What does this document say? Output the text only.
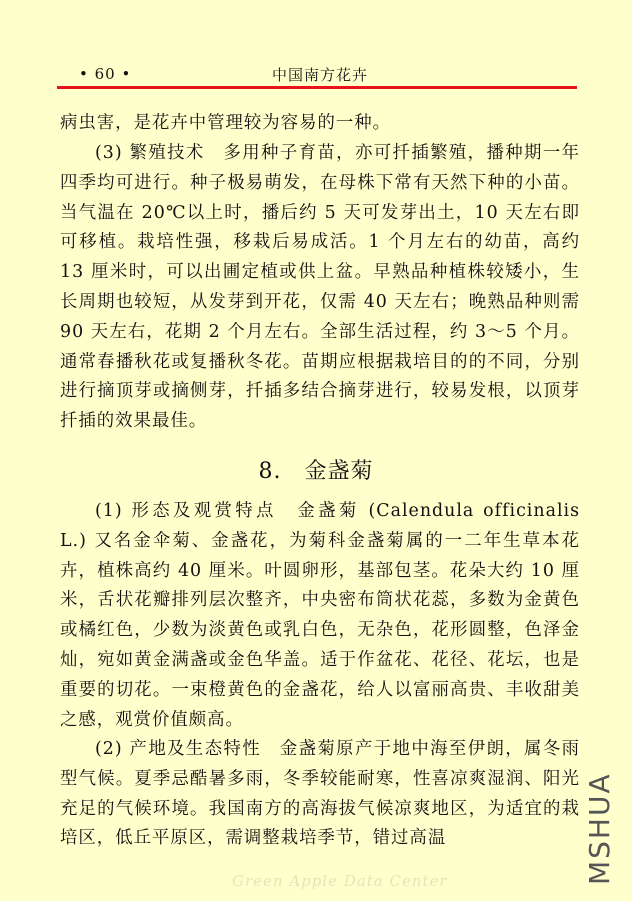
• 60 •	中国南方花卉

病虫害，是花卉中管理较为容易的一种。

(3) 繁殖技术　多用种子育苗，亦可扦插繁殖，播种期一年四季均可进行。种子极易萌发，在母株下常有天然下种的小苗。当气温在 20℃以上时，播后约 5 天可发芽出土，10 天左右即可移植。栽培性强，移栽后易成活。1 个月左右的幼苗，高约 13 厘米时，可以出圃定植或供上盆。早熟品种植株较矮小，生长周期也较短，从发芽到开花，仅需 40 天左右；晚熟品种则需 90 天左右，花期 2 个月左右。全部生活过程，约 3～5 个月。通常春播秋花或复播秋冬花。苗期应根据栽培目的的不同，分别进行摘顶芽或摘侧芽，扦插多结合摘芽进行，较易发根，以顶芽扦插的效果最佳。

8.　金盏菊

(1) 形态及观赏特点　金盏菊 (Calendula officinalis L.) 又名金伞菊、金盏花，为菊科金盏菊属的一二年生草本花卉，植株高约 40 厘米。叶圆卵形，基部包茎。花朵大约 10 厘米，舌状花瓣排列层次整齐，中央密布筒状花蕊，多数为金黄色或橘红色，少数为淡黄色或乳白色，无杂色，花形圆整，色泽金灿，宛如黄金满盏或金色华盖。适于作盆花、花径、花坛，也是重要的切花。一束橙黄色的金盏花，给人以富丽高贵、丰收甜美之感，观赏价值颇高。

(2) 产地及生态特性　金盏菊原产于地中海至伊朗，属冬雨型气候。夏季忌酷暑多雨，冬季较能耐寒，性喜凉爽湿润、阳光充足的气候环境。我国南方的高海拔气候凉爽地区，为适宜的栽培区，低丘平原区，需调整栽培季节，错过高温

Green Apple Data Center	MSHUA
